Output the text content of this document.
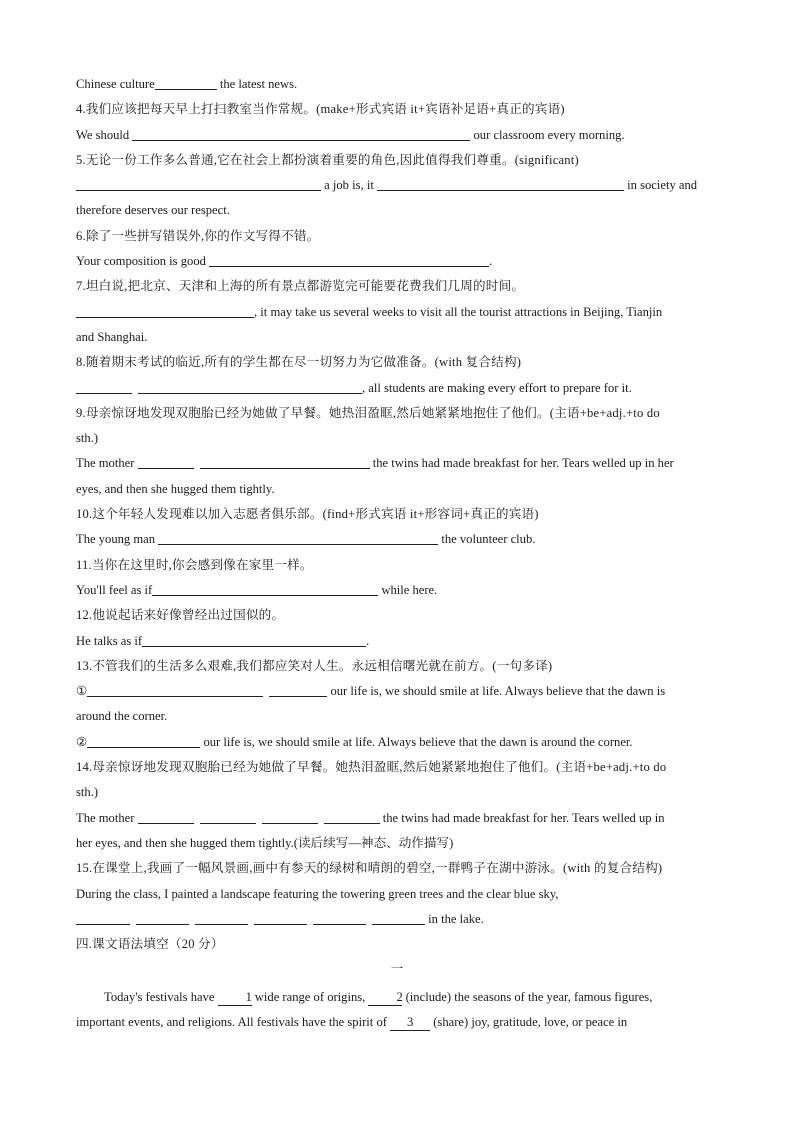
Chinese culture	the latest news.
4.我们应该把每天早上打扫教室当作常规。(make+形式宾语 it+宾语补足语+真正的宾语)
We should	our classroom every morning.
5.无论一份工作多么普通,它在社会上都扮演着重要的角色,因此值得我们尊重。(significant)
a job is, it	in society and
therefore deserves our respect.
6.除了一些拼写错误外,你的作文写得不错。
Your composition is good	.
7.坦白说,把北京、天津和上海的所有景点都游览完可能要花费我们几周的时间。
, it may take us several weeks to visit all the tourist attractions in Beijing, Tianjin
and Shanghai.
8.随着期末考试的临近,所有的学生都在尽一切努力为它做准备。(with 复合结构)
, all students are making every effort to prepare for it.
9.母亲惊讶地发现双胞胎已经为她做了早餐。她热泪盈眶,然后她紧紧地抱住了他们。(主语+be+adj.+to do
sth.)
The mother	the twins had made breakfast for her. Tears welled up in her
eyes, and then she hugged them tightly.
10.这个年轻人发现难以加入志愿者俱乐部。(find+形式宾语 it+形容词+真正的宾语)
The young man	the volunteer club.
11.当你在这里时,你会感到像在家里一样。
You'll feel as if	while here.
12.他说起话来好像曾经出过国似的。
He talks as if	.
13.不管我们的生活多么艰难,我们都应笑对人生。永远相信曙光就在前方。(一句多译)
①	our life is, we should smile at life. Always believe that the dawn is
around the corner.
②	our life is, we should smile at life. Always believe that the dawn is around the corner.
14.母亲惊讶地发现双胞胎已经为她做了早餐。她热泪盈眶,然后她紧紧地抱住了他们。(主语+be+adj.+to do
sth.)
The mother	the twins had made breakfast for her. Tears welled up in
her eyes, and then she hugged them tightly.(读后续写—神态、动作描写)
15.在课堂上,我画了一幅风景画,画中有参天的绿树和晴朗的碧空,一群鸭子在湖中游泳。(with 的复合结构)
During the class, I painted a landscape featuring the towering green trees and the clear blue sky,
in the lake.
四.课文语法填空（20 分）
一
Today's festivals have 1 wide range of origins, 2 (include) the seasons of the year, famous figures,
important events, and religions. All festivals have the spirit of 3 (share) joy, gratitude, love, or peace in
